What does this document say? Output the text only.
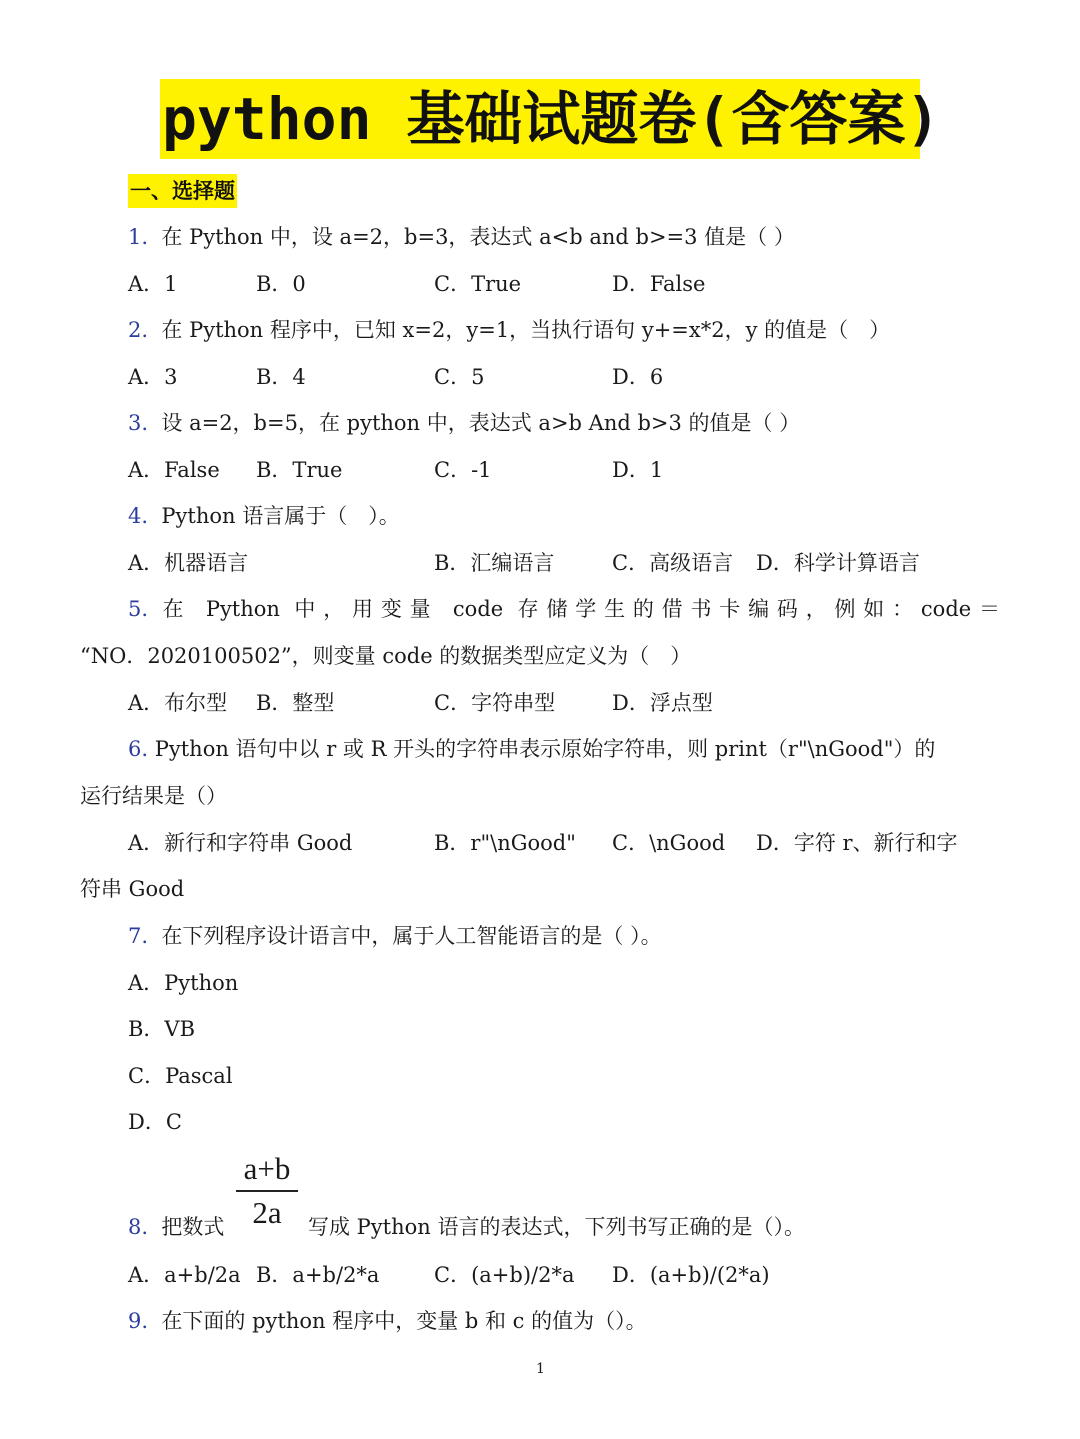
python 基础试题卷(含答案)
一、选择题
1. 在 Python 中，设 a=2，b=3，表达式 a<b and b>=3 值是（ ）
A．1	B．0	C．True	D．False
2. 在 Python 程序中，已知 x=2，y=1，当执行语句 y+=x*2，y 的值是（　）
A．3	B．4	C．5	D．6
3. 设 a=2，b=5，在 python 中，表达式 a>b And b>3 的值是（ ）
A．False B．True	C．-1	D．1
4. Python 语言属于（　）。
A．机器语言	B．汇编语言	C．高级语言 D．科学计算语言
5. 在 Python 中，用变量 code 存储学生的借书卡编码，例如：code＝
“NO．2020100502”，则变量 code 的数据类型应定义为（　）
A．布尔型 B．整型	C．字符串型	D．浮点型
6. Python 语句中以 r 或 R 开头的字符串表示原始字符串，则 print（r"\nGood"）的
运行结果是（）
A．新行和字符串 Good	B．r"\nGood" C．\nGood D．字符 r、新行和字
符串 Good
7. 在下列程序设计语言中，属于人工智能语言的是（ ）。
A．Python
B．VB
C．Pascal
D．C
a+b
2a
8. 把数式	写成 Python 语言的表达式，下列书写正确的是（）。
A．a+b/2a B．a+b/2*a	C．(a+b)/2*a D．(a+b)/(2*a)
9. 在下面的 python 程序中，变量 b 和 c 的值为（）。
1
